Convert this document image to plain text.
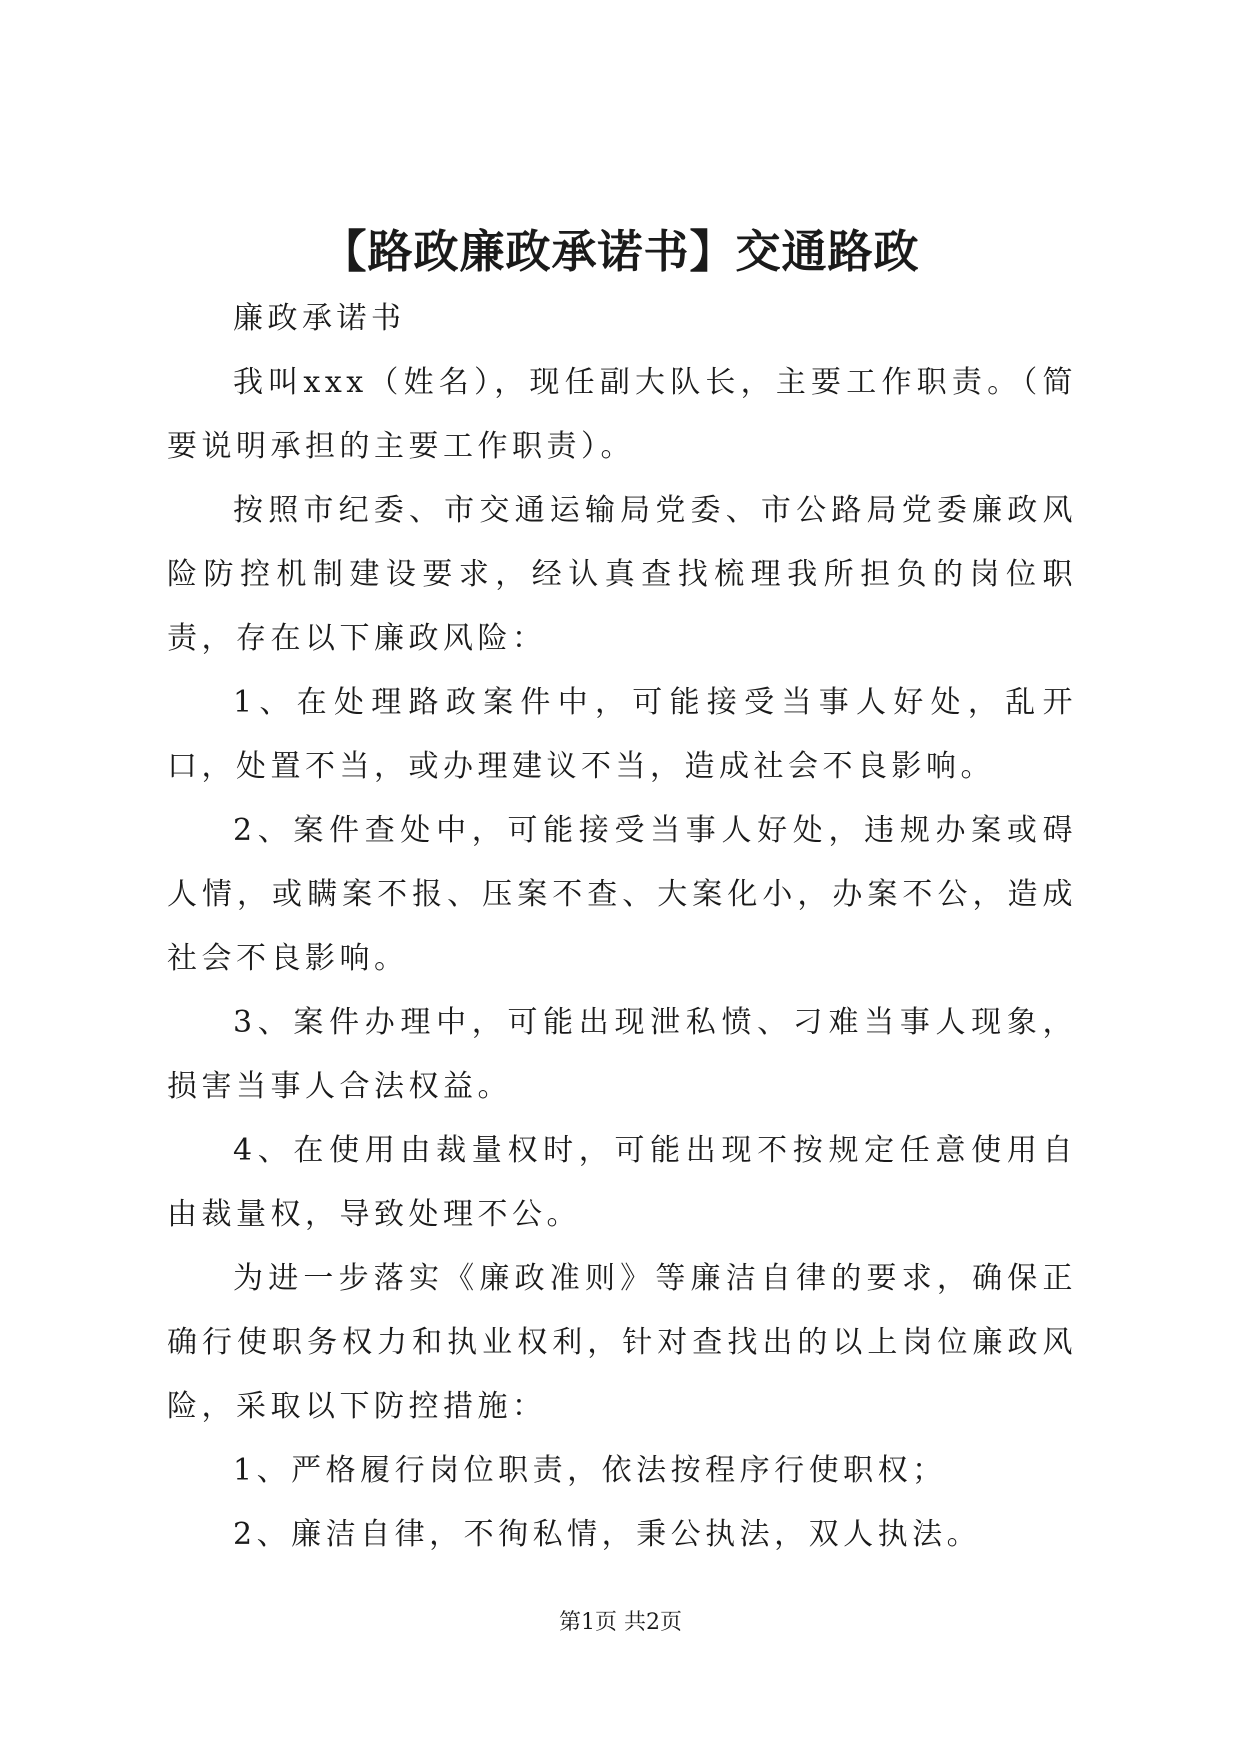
【路政廉政承诺书】交通路政

廉政承诺书

我叫xxx（姓名），现任副大队长，主要工作职责。（简要说明承担的主要工作职责）。

按照市纪委、市交通运输局党委、市公路局党委廉政风险防控机制建设要求，经认真查找梳理我所担负的岗位职责，存在以下廉政风险：

1、在处理路政案件中，可能接受当事人好处，乱开口，处置不当，或办理建议不当，造成社会不良影响。

2、案件查处中，可能接受当事人好处，违规办案或碍人情，或瞒案不报、压案不查、大案化小，办案不公，造成社会不良影响。

3、案件办理中，可能出现泄私愤、刁难当事人现象，损害当事人合法权益。

4、在使用由裁量权时，可能出现不按规定任意使用自由裁量权，导致处理不公。

为进一步落实《廉政准则》等廉洁自律的要求，确保正确行使职务权力和执业权利，针对查找出的以上岗位廉政风险，采取以下防控措施：

1、严格履行岗位职责，依法按程序行使职权；

2、廉洁自律，不徇私情，秉公执法，双人执法。

第1页 共2页
